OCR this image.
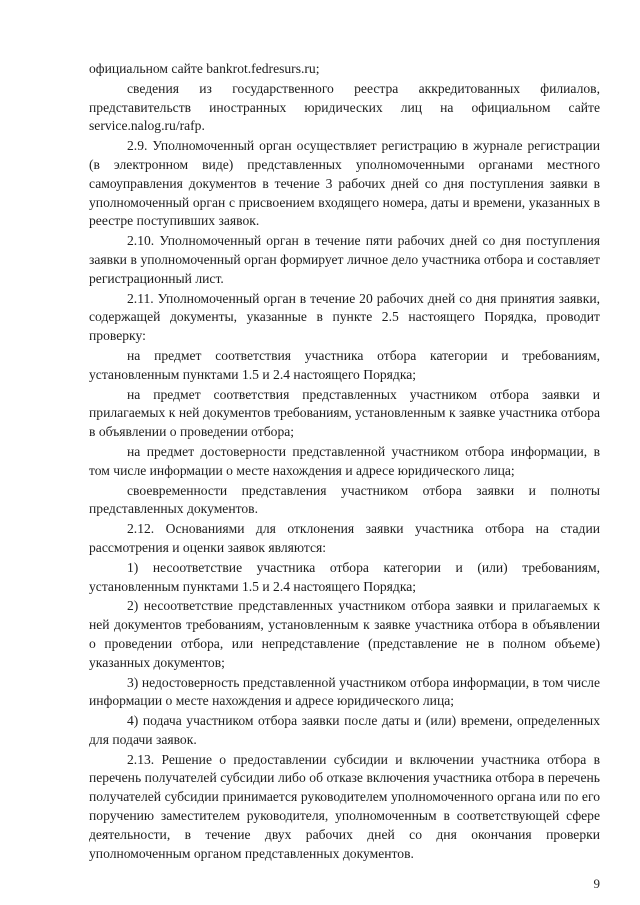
официальном сайте bankrot.fedresurs.ru;

сведения из государственного реестра аккредитованных филиалов, представительств иностранных юридических лиц на официальном сайте service.nalog.ru/rafp.

2.9. Уполномоченный орган осуществляет регистрацию в журнале регистрации (в электронном виде) представленных уполномоченными органами местного самоуправления документов в течение 3 рабочих дней со дня поступления заявки в уполномоченный орган с присвоением входящего номера, даты и времени, указанных в реестре поступивших заявок.

2.10. Уполномоченный орган в течение пяти рабочих дней со дня поступления заявки в уполномоченный орган формирует личное дело участника отбора и составляет регистрационный лист.

2.11. Уполномоченный орган в течение 20 рабочих дней со дня принятия заявки, содержащей документы, указанные в пункте 2.5 настоящего Порядка, проводит проверку:

на предмет соответствия участника отбора категории и требованиям, установленным пунктами 1.5 и 2.4 настоящего Порядка;

на предмет соответствия представленных участником отбора заявки и прилагаемых к ней документов требованиям, установленным к заявке участника отбора в объявлении о проведении отбора;

на предмет достоверности представленной участником отбора информации, в том числе информации о месте нахождения и адресе юридического лица;

своевременности представления участником отбора заявки и полноты представленных документов.

2.12. Основаниями для отклонения заявки участника отбора на стадии рассмотрения и оценки заявок являются:

1) несоответствие участника отбора категории и (или) требованиям, установленным пунктами 1.5 и 2.4 настоящего Порядка;

2) несоответствие представленных участником отбора заявки и прилагаемых к ней документов требованиям, установленным к заявке участника отбора в объявлении о проведении отбора, или непредставление (представление не в полном объеме) указанных документов;

3) недостоверность представленной участником отбора информации, в том числе информации о месте нахождения и адресе юридического лица;

4) подача участником отбора заявки после даты и (или) времени, определенных для подачи заявок.

2.13. Решение о предоставлении субсидии и включении участника отбора в перечень получателей субсидии либо об отказе включения участника отбора в перечень получателей субсидии принимается руководителем уполномоченного органа или по его поручению заместителем руководителя, уполномоченным в соответствующей сфере деятельности, в течение двух рабочих дней со дня окончания проверки уполномоченным органом представленных документов.

9
